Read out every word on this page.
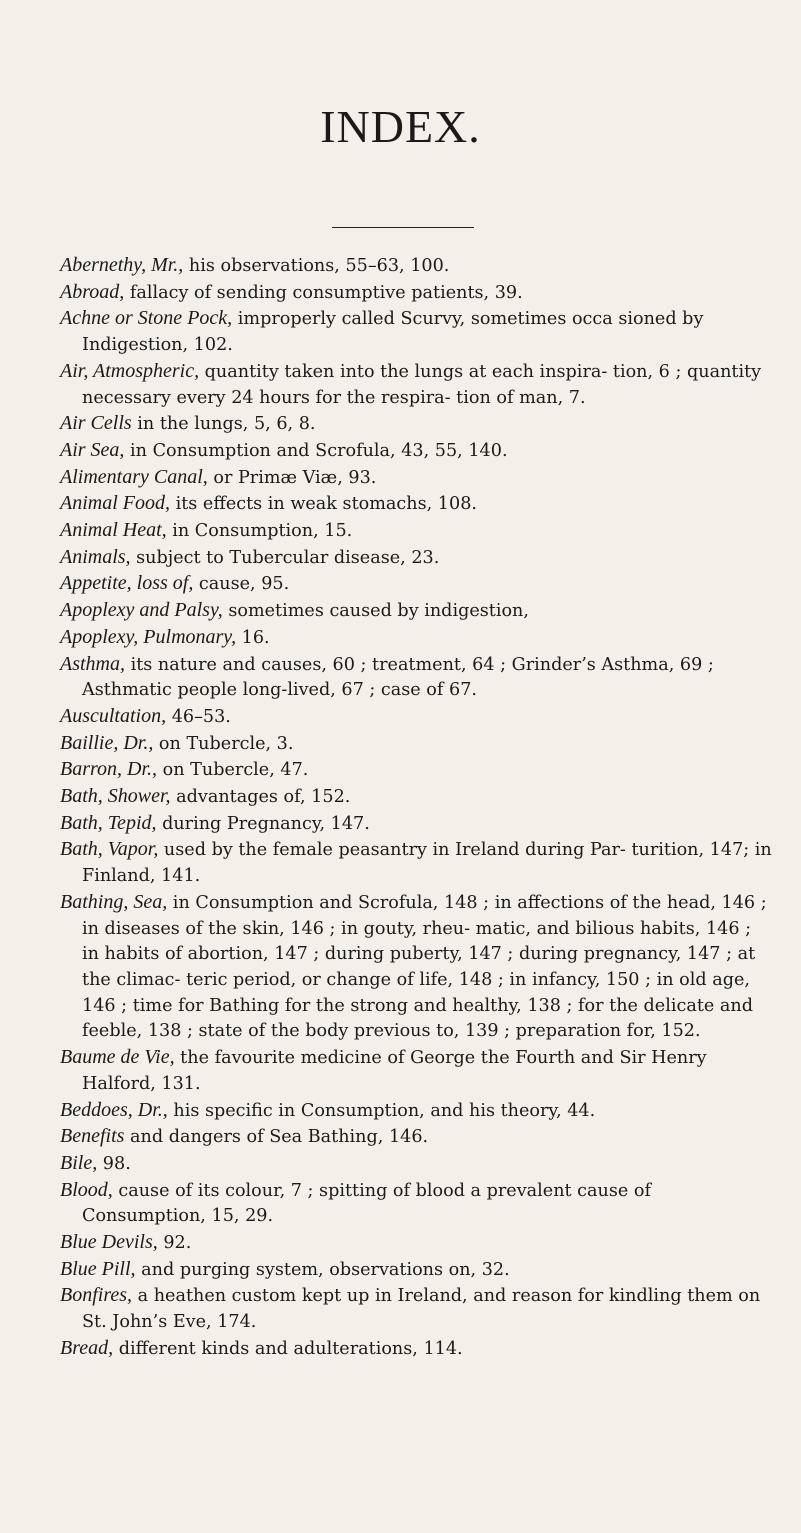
INDEX.

Abernethy, Mr., his observations, 55–63, 100.

Abroad, fallacy of sending consumptive patients, 39.

Achne or Stone Pock, improperly called Scurvy, sometimes occa sioned by Indigestion, 102.

Air, Atmospheric, quantity taken into the lungs at each inspira- tion, 6 ; quantity necessary every 24 hours for the respira- tion of man, 7.

Air Cells in the lungs, 5, 6, 8.

Air Sea, in Consumption and Scrofula, 43, 55, 140.

Alimentary Canal, or Primæ Viæ, 93.

Animal Food, its effects in weak stomachs, 108.

Animal Heat, in Consumption, 15.

Animals, subject to Tubercular disease, 23.

Appetite, loss of, cause, 95.

Apoplexy and Palsy, sometimes caused by indigestion,

Apoplexy, Pulmonary, 16.

Asthma, its nature and causes, 60 ; treatment, 64 ; Grinder’s Asthma, 69 ; Asthmatic people long-lived, 67 ; case of 67.

Auscultation, 46–53.

Baillie, Dr., on Tubercle, 3.

Barron, Dr., on Tubercle, 47.

Bath, Shower, advantages of, 152.

Bath, Tepid, during Pregnancy, 147.

Bath, Vapor, used by the female peasantry in Ireland during Par- turition, 147; in Finland, 141.

Bathing, Sea, in Consumption and Scrofula, 148 ; in affections of the head, 146 ; in diseases of the skin, 146 ; in gouty, rheu- matic, and bilious habits, 146 ; in habits of abortion, 147 ; during puberty, 147 ; during pregnancy, 147 ; at the climac- teric period, or change of life, 148 ; in infancy, 150 ; in old age, 146 ; time for Bathing for the strong and healthy, 138 ; for the delicate and feeble, 138 ; state of the body previous to, 139 ; preparation for, 152.

Baume de Vie, the favourite medicine of George the Fourth and Sir Henry Halford, 131.

Beddoes, Dr., his specific in Consumption, and his theory, 44.

Benefits and dangers of Sea Bathing, 146.

Bile, 98.

Blood, cause of its colour, 7 ; spitting of blood a prevalent cause of Consumption, 15, 29.

Blue Devils, 92.

Blue Pill, and purging system, observations on, 32.

Bonfires, a heathen custom kept up in Ireland, and reason for kindling them on St. John’s Eve, 174.

Bread, different kinds and adulterations, 114.
